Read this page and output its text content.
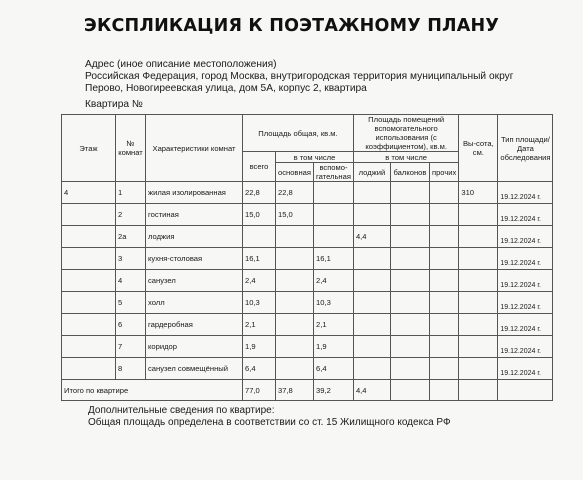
ЭКСПЛИКАЦИЯ К ПОЭТАЖНОМУ ПЛАНУ
Адрес (иное описание местоположения)
Российская Федерация, город Москва, внутригородская территория муниципальный округ
Перово, Новогиреевская улица, дом 5А, корпус 2, квартира
Квартира №
Этаж	№ комнат	Характеристики комнат	Площадь общая, кв.м.			Площадь помещений вспомогательного использования (с коэффициентом), кв.м.			Вы-сота, см.	Тип площади/ Дата обследования
			всего	в том числе		в том числе				
				основная	вспомо-гательная	лоджий	балконов	прочих		
4	1	жилая изолированная	22,8	22,8					310	19.12.2024 г.
	2	гостиная	15,0	15,0						19.12.2024 г.
	2а	лоджия				4,4				19.12.2024 г.
	3	кухня-столовая	16,1		16,1					19.12.2024 г.
	4	санузел	2,4		2,4					19.12.2024 г.
	5	холл	10,3		10,3					19.12.2024 г.
	6	гардеробная	2,1		2,1					19.12.2024 г.
	7	коридор	1,9		1,9					19.12.2024 г.
	8	санузел совмещённый	6,4		6,4					19.12.2024 г.
Итого по квартире			77,0	37,8	39,2	4,4				
Дополнительные сведения по квартире:
Общая площадь определена в соответствии со ст. 15 Жилищного кодекса РФ
